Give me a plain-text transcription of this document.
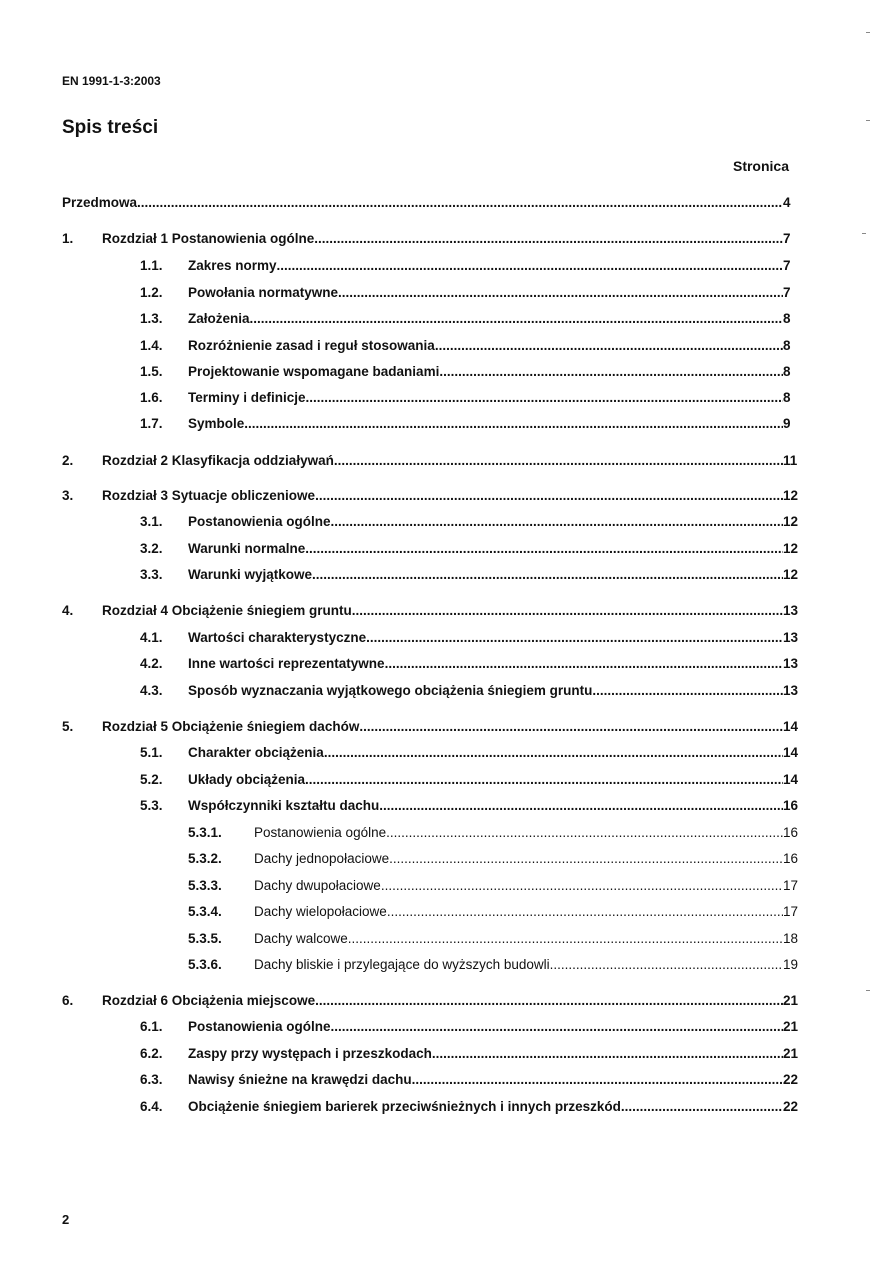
EN 1991-1-3:2003
Spis treści
Stronica
Przedmowa .....	4
1. Rozdział 1 Postanowienia ogólne .....	7
1.1. Zakres normy .....	7
1.2. Powołania normatywne .....	7
1.3. Założenia .....	8
1.4. Rozróżnienie zasad i reguł stosowania .....	8
1.5. Projektowanie wspomagane badaniami .....	8
1.6. Terminy i definicje .....	8
1.7. Symbole .....	9
2. Rozdział 2 Klasyfikacja oddziaływań .....	11
3. Rozdział 3 Sytuacje obliczeniowe .....	12
3.1. Postanowienia ogólne .....	12
3.2. Warunki normalne .....	12
3.3. Warunki wyjątkowe .....	12
4. Rozdział 4 Obciążenie śniegiem gruntu .....	13
4.1. Wartości charakterystyczne .....	13
4.2. Inne wartości reprezentatywne .....	13
4.3. Sposób wyznaczania wyjątkowego obciążenia śniegiem gruntu .....	13
5. Rozdział 5 Obciążenie śniegiem dachów .....	14
5.1. Charakter obciążenia .....	14
5.2. Układy obciążenia .....	14
5.3. Współczynniki kształtu dachu .....	16
5.3.1. Postanowienia ogólne .....	16
5.3.2. Dachy jednopołaciowe .....	16
5.3.3. Dachy dwupołaciowe .....	17
5.3.4. Dachy wielopołaciowe .....	17
5.3.5. Dachy walcowe .....	18
5.3.6. Dachy bliskie i przylegające do wyższych budowli .....	19
6. Rozdział 6 Obciążenia miejscowe .....	21
6.1. Postanowienia ogólne .....	21
6.2. Zaspy przy występach i przeszkodach .....	21
6.3. Nawisy śnieżne na krawędzi dachu .....	22
6.4. Obciążenie śniegiem barierek przeciwśnieżnych i innych przeszkód .....	22
2
